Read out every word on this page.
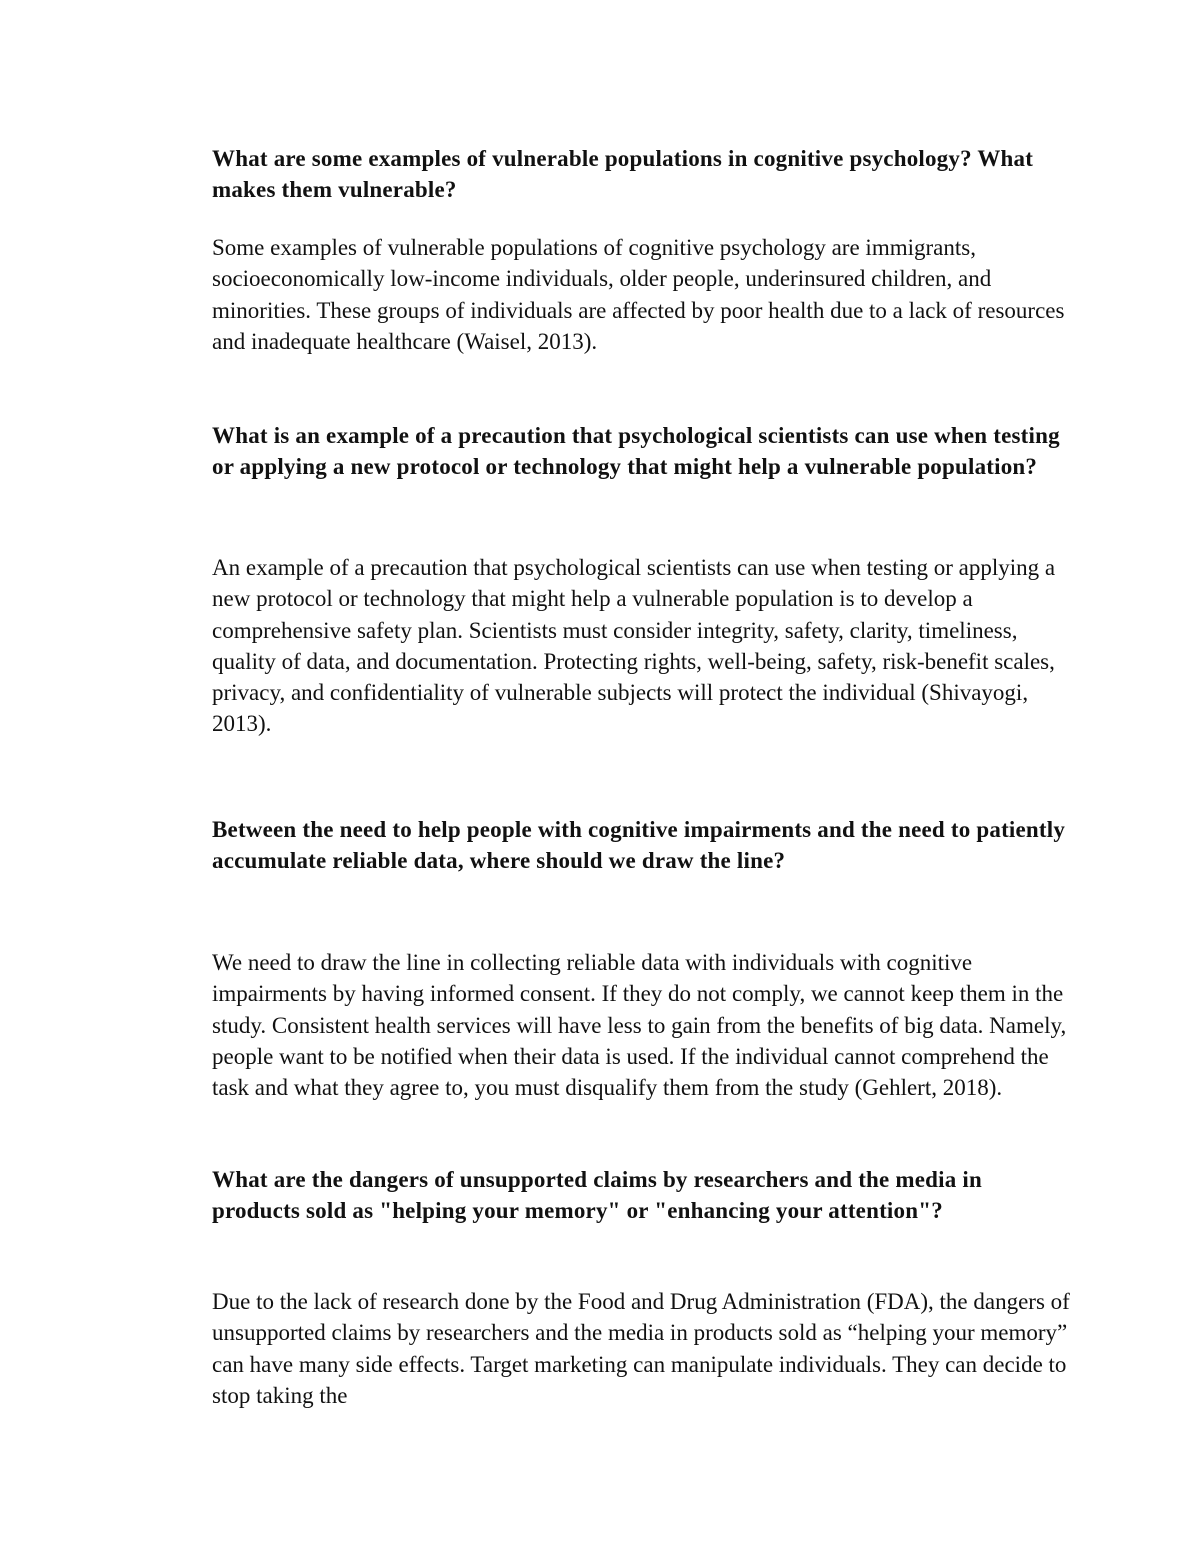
What are some examples of vulnerable populations in cognitive psychology? What makes them vulnerable?

Some examples of vulnerable populations of cognitive psychology are immigrants, socioeconomically low-income individuals, older people, underinsured children, and minorities. These groups of individuals are affected by poor health due to a lack of resources and inadequate healthcare (Waisel, 2013).

What is an example of a precaution that psychological scientists can use when testing or applying a new protocol or technology that might help a vulnerable population?

An example of a precaution that psychological scientists can use when testing or applying a new protocol or technology that might help a vulnerable population is to develop a comprehensive safety plan. Scientists must consider integrity, safety, clarity, timeliness, quality of data, and documentation. Protecting rights, well-being, safety, risk-benefit scales, privacy, and confidentiality of vulnerable subjects will protect the individual (Shivayogi, 2013).

Between the need to help people with cognitive impairments and the need to patiently accumulate reliable data, where should we draw the line?

We need to draw the line in collecting reliable data with individuals with cognitive impairments by having informed consent. If they do not comply, we cannot keep them in the study. Consistent health services will have less to gain from the benefits of big data. Namely, people want to be notified when their data is used. If the individual cannot comprehend the task and what they agree to, you must disqualify them from the study (Gehlert, 2018).

What are the dangers of unsupported claims by researchers and the media in products sold as "helping your memory" or "enhancing your attention"?

Due to the lack of research done by the Food and Drug Administration (FDA), the dangers of unsupported claims by researchers and the media in products sold as “helping your memory” can have many side effects. Target marketing can manipulate individuals. They can decide to stop taking the
